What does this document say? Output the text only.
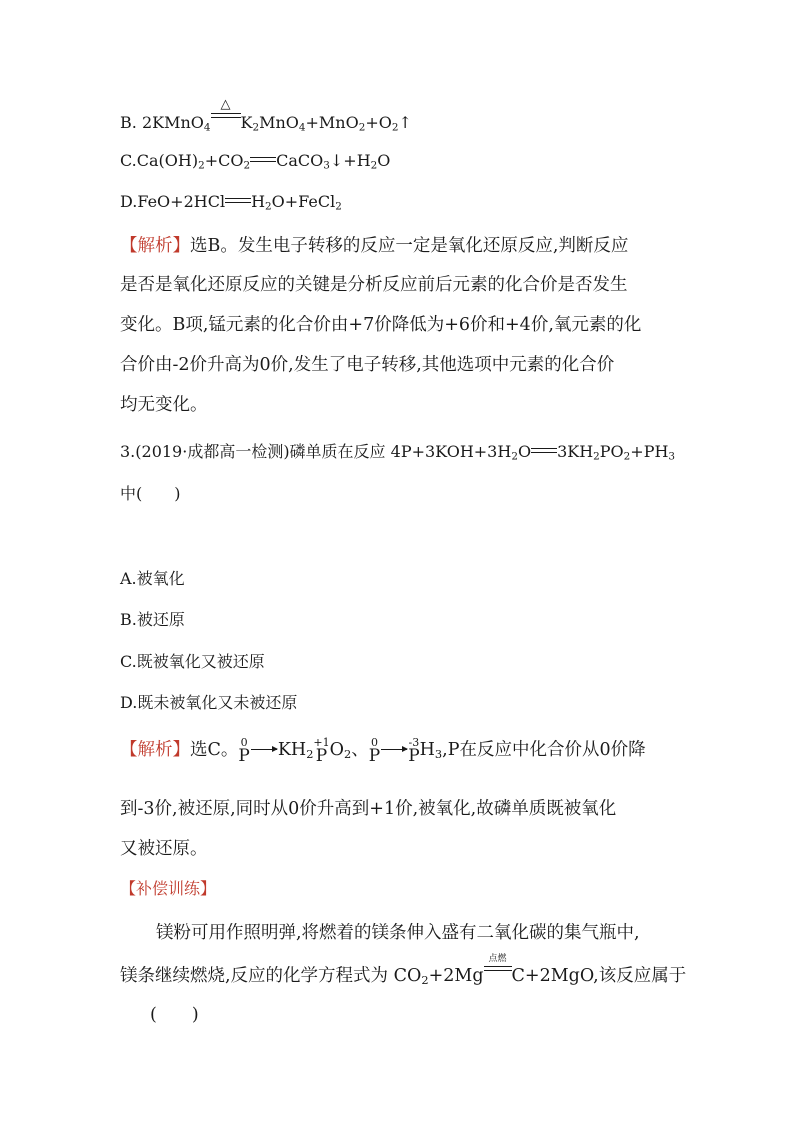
B. 2KMnO$_4$
△
$K_2MnO_4+MnO_2+O_2↑$
$C.Ca(OH)_2+CO_2$ $CaCO_3↓+H_2O$
D.FeO+2HCl $H_2O+FeCl_2$
【解析】选B。发生电子转移的反应一定是氧化还原反应,判断反应
是否是氧化还原反应的关键是分析反应前后元素的化合价是否发生
变化。B项,锰元素的化合价由+7价降低为+6价和+4价,氧元素的化
合价由-2价升高为0价,发生了电子转移,其他选项中元素的化合价
均无变化。
3.(2019·成都高一检测)磷单质在反应 $4P+3KOH+3H_2O$ $3KH_2PO_2+PH_3$
中(　　)
A.被氧化
B.被还原
C.既被氧化又被还原
D.既未被氧化又未被还原
【解析】选C。 0
P $KH_2$
+1
P $O_2$、 0
P
-3
P $H_3,P$在反应中化合价从0价降
到-3价,被还原,同时从0价升高到+1价,被氧化,故磷单质既被氧化
又被还原。
【补偿训练】
镁粉可用作照明弹,将燃着的镁条伸入盛有二氧化碳的集气瓶中,
镁条继续燃烧,反应的化学方程式为 $CO_2+2Mg$
点燃
C+2MgO,该反应属于
(　　)
